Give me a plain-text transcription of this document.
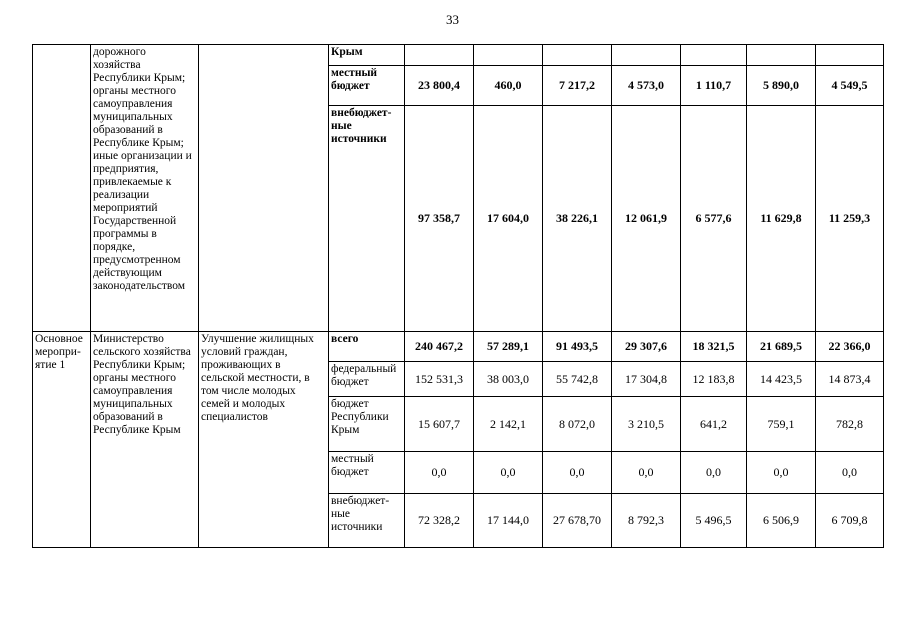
33
	дорожного хозяйства Республики Крым; органы местного самоуправления муниципальных образований в Республике Крым; иные организации и предприятия, привлекаемые к реализации мероприятий Государственной программы в порядке, предусмотренном действующим законодательством		Крым							
			местный бюджет	23 800,4	460,0	7 217,2	4 573,0	1 110,7	5 890,0	4 549,5
			внебюджет-ные источники	97 358,7	17 604,0	38 226,1	12 061,9	6 577,6	11 629,8	11 259,3
Основное меропри-ятие 1	Министерство сельского хозяйства Республики Крым; органы местного самоуправления муниципальных образований в Республике Крым	Улучшение жилищных условий граждан, проживающих в сельской местности, в том числе молодых семей и молодых специалистов	всего	240 467,2	57 289,1	91 493,5	29 307,6	18 321,5	21 689,5	22 366,0
			федеральный бюджет	152 531,3	38 003,0	55 742,8	17 304,8	12 183,8	14 423,5	14 873,4
			бюджет Республики Крым	15 607,7	2 142,1	8 072,0	3 210,5	641,2	759,1	782,8
			местный бюджет	0,0	0,0	0,0	0,0	0,0	0,0	0,0
			внебюджет-ные источники	72 328,2	17 144,0	27 678,70	8 792,3	5 496,5	6 506,9	6 709,8
